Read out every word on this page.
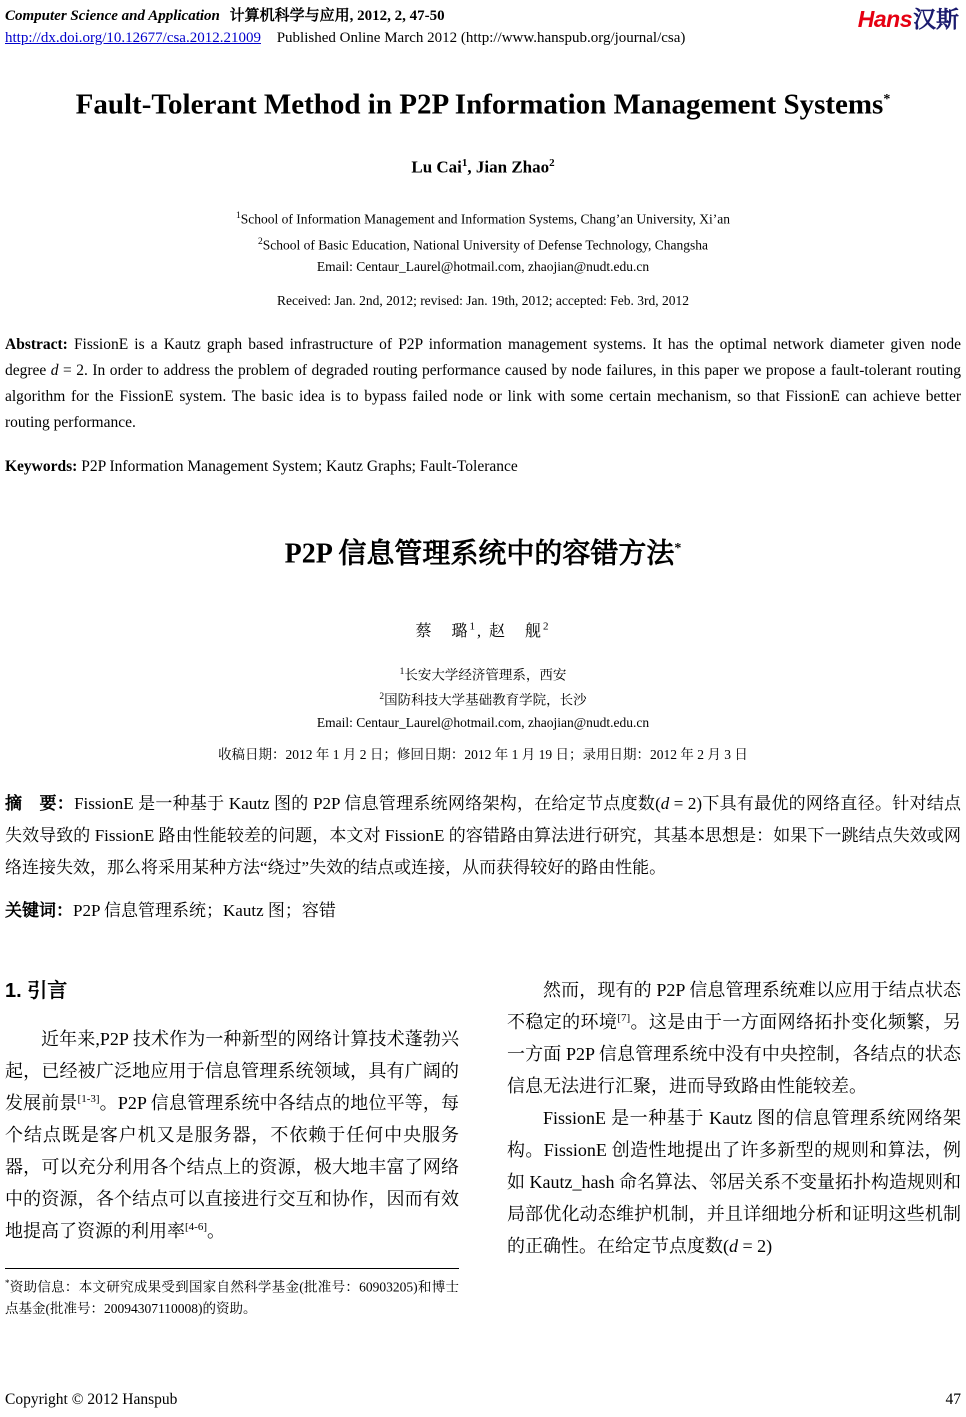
Computer Science and Application 计算机科学与应用, 2012, 2, 47-50
http://dx.doi.org/10.12677/csa.2012.21009 Published Online March 2012 (http://www.hanspub.org/journal/csa)
Hans汉斯
Fault-Tolerant Method in P2P Information Management Systems*
Lu Cai$^1$, Jian Zhao$^2$
$^1$School of Information Management and Information Systems, Chang’an University, Xi’an
$^2$School of Basic Education, National University of Defense Technology, Changsha
Email: Centaur_Laurel@hotmail.com, zhaojian@nudt.edu.cn
Received: Jan. 2nd, 2012; revised: Jan. 19th, 2012; accepted: Feb. 3rd, 2012
Abstract: FissionE is a Kautz graph based infrastructure of P2P information management systems. It has the optimal network diameter given node degree d = 2. In order to address the problem of degraded routing performance caused by node failures, in this paper we propose a fault-tolerant routing algorithm for the FissionE system. The basic idea is to bypass failed node or link with some certain mechanism, so that FissionE can achieve better routing performance.
Keywords: P2P Information Management System; Kautz Graphs; Fault-Tolerance
P2P 信息管理系统中的容错方法*
蔡　璐$^1$, 赵　舰$^2$
$^1$长安大学经济管理系，西安
$^2$国防科技大学基础教育学院，长沙
Email: Centaur_Laurel@hotmail.com, zhaojian@nudt.edu.cn
收稿日期：2012 年 1 月 2 日；修回日期：2012 年 1 月 19 日；录用日期：2012 年 2 月 3 日
摘　要：FissionE 是一种基于 Kautz 图的 P2P 信息管理系统网络架构，在给定节点度数(d = 2)下具有最优的网络直径。针对结点失效导致的 FissionE 路由性能较差的问题，本文对 FissionE 的容错路由算法进行研究，其基本思想是：如果下一跳结点失效或网络连接失效，那么将采用某种方法“绕过”失效的结点或连接，从而获得较好的路由性能。
关键词：P2P 信息管理系统；Kautz 图；容错
1. 引言

近年来,P2P 技术作为一种新型的网络计算技术蓬勃兴起，已经被广泛地应用于信息管理系统领域，具有广阔的发展前景[1-3]。P2P 信息管理系统中各结点的地位平等，每个结点既是客户机又是服务器，不依赖于任何中央服务器，可以充分利用各个结点上的资源，极大地丰富了网络中的资源，各个结点可以直接进行交互和协作，因而有效地提高了资源的利用率[4-6]。

*资助信息：本文研究成果受到国家自然科学基金(批准号：60903205)和博士点基金(批准号：20094307110008)的资助。

然而，现有的 P2P 信息管理系统难以应用于结点状态不稳定的环境[7]。这是由于一方面网络拓扑变化频繁，另一方面 P2P 信息管理系统中没有中央控制，各结点的状态信息无法进行汇聚，进而导致路由性能较差。

FissionE 是一种基于 Kautz 图的信息管理系统网络架构。FissionE 创造性地提出了许多新型的规则和算法，例如 Kautz_hash 命名算法、邻居关系不变量拓扑构造规则和局部优化动态维护机制，并且详细地分析和证明这些机制的正确性。在给定节点度数(d = 2)

Copyright © 2012 Hanspub	47
